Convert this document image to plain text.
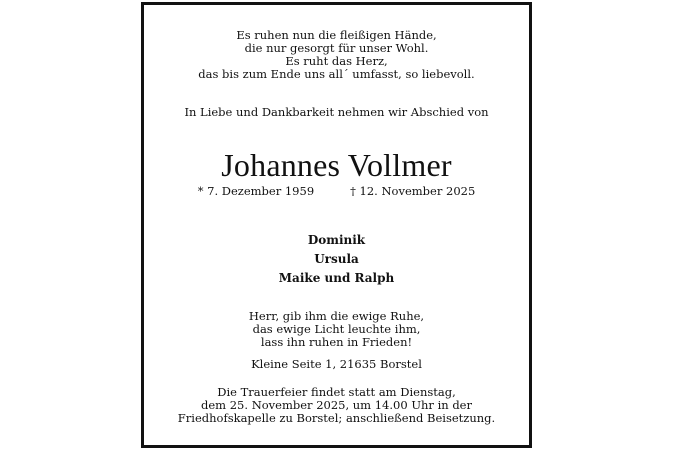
Es ruhen nun die fleißigen Hände,
die nur gesorgt für unser Wohl.
Es ruht das Herz,
das bis zum Ende uns all´ umfasst, so liebevoll.
In Liebe und Dankbarkeit nehmen wir Abschied von
Johannes Vollmer
* 7. Dezember 1959	† 12. November 2025
Dominik
Ursula
Maike und Ralph
Herr, gib ihm die ewige Ruhe,
das ewige Licht leuchte ihm,
lass ihn ruhen in Frieden!
Kleine Seite 1, 21635 Borstel
Die Trauerfeier findet statt am Dienstag,
dem 25. November 2025, um 14.00 Uhr in der
Friedhofskapelle zu Borstel; anschließend Beisetzung.
